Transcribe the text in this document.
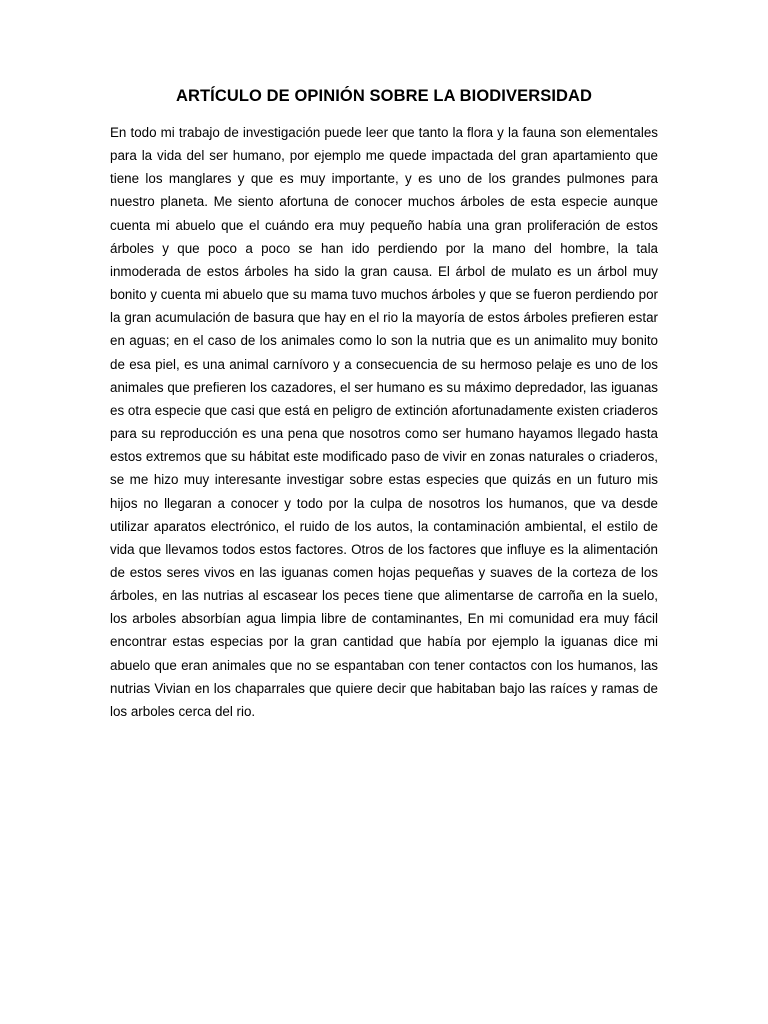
ARTÍCULO DE OPINIÓN SOBRE LA BIODIVERSIDAD

En todo mi trabajo de investigación puede leer que tanto la flora y la fauna son elementales para la vida del ser humano, por ejemplo me quede impactada del gran apartamiento que tiene los manglares y que es muy importante, y es uno de los grandes pulmones para nuestro planeta. Me siento afortuna de conocer muchos árboles de esta especie aunque cuenta mi abuelo que el cuándo era muy pequeño había una gran proliferación de estos árboles y que poco a poco se han ido perdiendo por la mano del hombre, la tala inmoderada de estos árboles ha sido la gran causa. El árbol de mulato es un árbol muy bonito y cuenta mi abuelo que su mama tuvo muchos árboles y que se fueron perdiendo por la gran acumulación de basura que hay en el rio la mayoría de estos árboles prefieren estar en aguas; en el caso de los animales como lo son la nutria que es un animalito muy bonito de esa piel, es una animal carnívoro y a consecuencia de su hermoso pelaje es uno de los animales que prefieren los cazadores, el ser humano es su máximo depredador, las iguanas es otra especie que casi que está en peligro de extinción afortunadamente existen criaderos para su reproducción es una pena que nosotros como ser humano hayamos llegado hasta estos extremos que su hábitat este modificado paso de vivir en zonas naturales o criaderos, se me hizo muy interesante investigar sobre estas especies que quizás en un futuro mis hijos no llegaran a conocer y todo por la culpa de nosotros los humanos, que va desde utilizar aparatos electrónico, el ruido de los autos, la contaminación ambiental, el estilo de vida que llevamos todos estos factores. Otros de los factores que influye es la alimentación de estos seres vivos en las iguanas comen hojas pequeñas y suaves de la corteza de los árboles, en las nutrias al escasear los peces tiene que alimentarse de carroña en la suelo, los arboles absorbían agua limpia libre de contaminantes, En mi comunidad era muy fácil encontrar estas especias por la gran cantidad que había por ejemplo la iguanas dice mi abuelo que eran animales que no se espantaban con tener contactos con los humanos, las nutrias Vivian en los chaparrales que quiere decir que habitaban bajo las raíces y ramas de los arboles cerca del rio.
